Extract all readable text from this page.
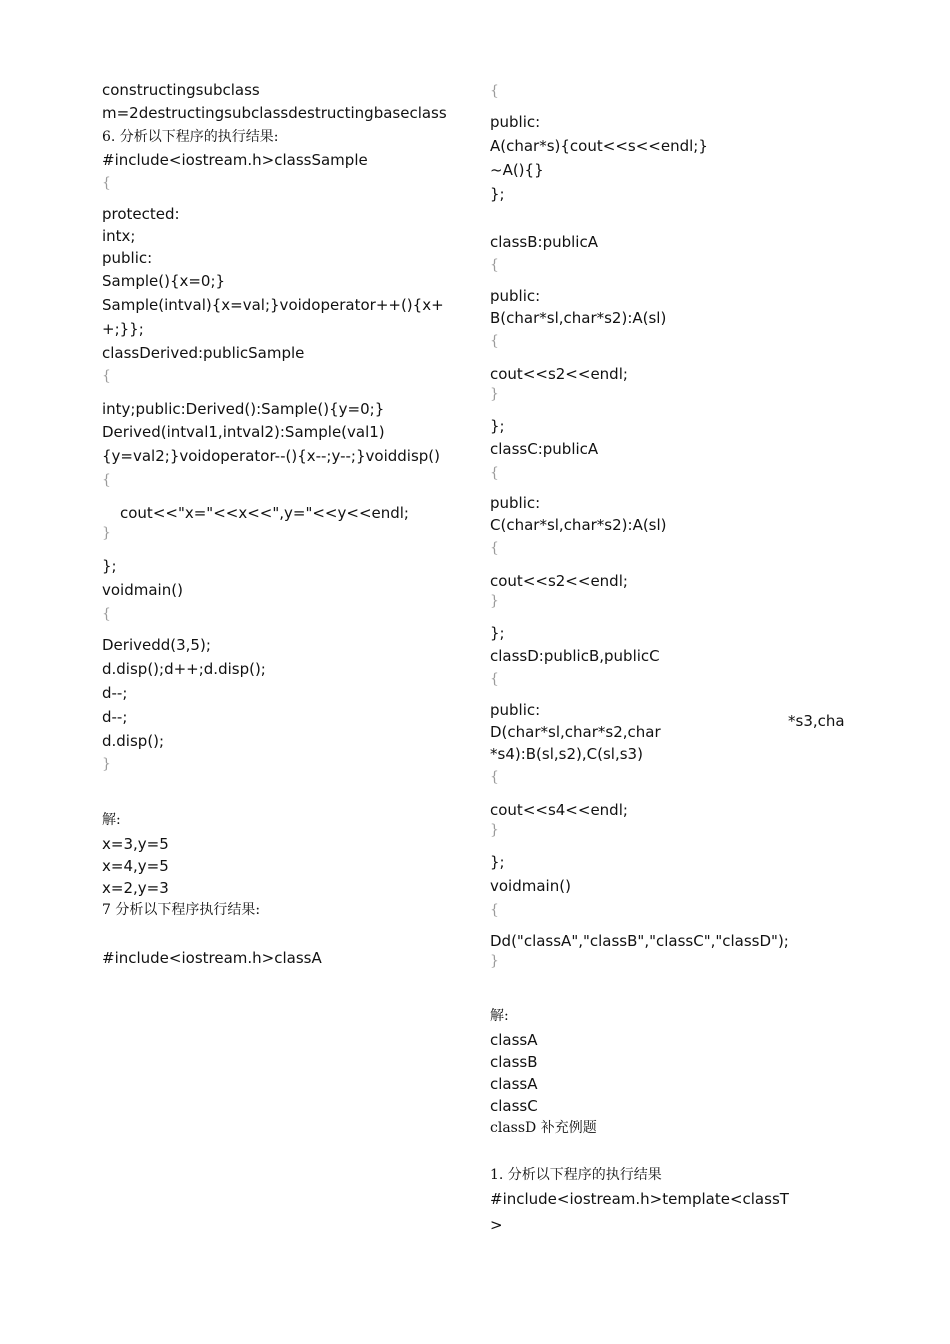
constructingsubclass
m=2destructingsubclassdestructingbaseclass
6. 分析以下程序的执行结果:
#include<iostream.h>classSample
{
protected:
intx;
public:
Sample(){x=0;}
Sample(intval){x=val;}voidoperator++(){x+
+;}};
classDerived:publicSample
{
inty;public:Derived():Sample(){y=0;}
Derived(intval1,intval2):Sample(val1)
{y=val2;}voidoperator--(){x--;y--;}voiddisp()
{
cout<<"x="<<x<<",y="<<y<<endl;
}
};
voidmain()
{
Derivedd(3,5);
d.disp();d++;d.disp();
d--;
d--;
d.disp();
}
解:
x=3,y=5
x=4,y=5
x=2,y=3
7 分析以下程序执行结果:
#include<iostream.h>classA
{
public:
A(char*s){cout<<s<<endl;}
~A(){}
};
classB:publicA
{
public:
B(char*sl,char*s2):A(sl)
{
cout<<s2<<endl;
}
};
classC:publicA
{
public:
C(char*sl,char*s2):A(sl)
{
cout<<s2<<endl;
}
};
classD:publicB,publicC
{
public:
D(char*sl,char*s2,char
*s4):B(sl,s2),C(sl,s3)
{
cout<<s4<<endl;
}
};
voidmain()
{
Dd("classA","classB","classC","classD");
}
解:
classA
classB
classA
classC
classD 补充例题
1. 分析以下程序的执行结果
#include<iostream.h>template<classT
>
*s3,cha
